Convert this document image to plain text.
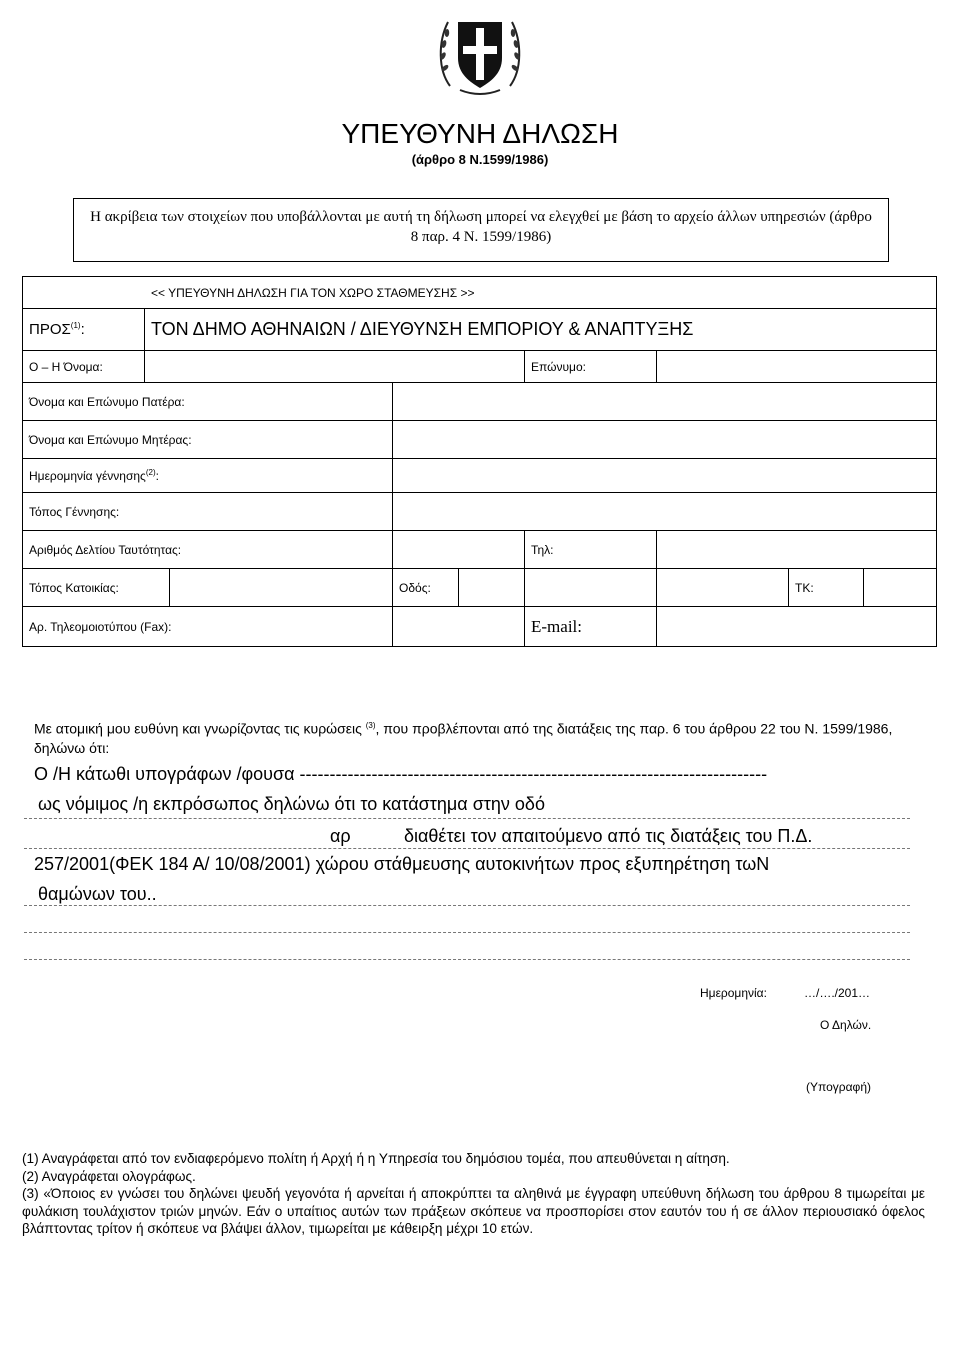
ΥΠΕΥΘΥΝΗ ΔΗΛΩΣΗ
(άρθρο 8 Ν.1599/1986)
Η ακρίβεια των στοιχείων που υποβάλλονται με αυτή τη δήλωση μπορεί να ελεγχθεί με βάση το αρχείο άλλων υπηρεσιών (άρθρο 8 παρ. 4 Ν. 1599/1986)
<< ΥΠΕΥΘΥΝΗ ΔΗΛΩΣΗ ΓΙΑ ΤΟΝ ΧΩΡΟ ΣΤΑΘΜΕΥΣΗΣ >>								
ΠΡΟΣ$^{(1)}$:	ΤΟΝ ΔΗΜΟ ΑΘΗΝΑΙΩΝ / ΔΙΕΥΘΥΝΣΗ ΕΜΠΟΡΙΟΥ & ΑΝΑΠΤΥΞΗΣ							
Ο – Η Όνομα:					Επώνυμο:			
Όνομα και Επώνυμο Πατέρα:								
Όνομα και Επώνυμο Μητέρας:								
Ημερομηνία γέννησης$^{(2)}$:								
Τόπος Γέννησης:								
Αριθμός Δελτίου Ταυτότητας:					Τηλ:			
Τόπος Κατοικίας:			Οδός:				ΤΚ:	
Αρ. Τηλεομοιοτύπου (Fax):					E-mail:			
Με ατομική μου ευθύνη και γνωρίζοντας τις κυρώσεις $^{(3)}$, που προβλέπονται από της διατάξεις της παρ. 6 του άρθρου 22 του Ν. 1599/1986, δηλώνω ότι:
Ο /Η κάτωθι υπογράφων /φουσα ------------------------------------------------------------------------------
ως νόμιμος /η εκπρόσωπος δηλώνω ότι το κατάστημα στην οδό
αρ	διαθέτει τον απαιτούμενο από τις διατάξεις του Π.Δ.
257/2001(ΦΕΚ 184 Α/ 10/08/2001) χώρου στάθμευσης αυτοκινήτων προς εξυπηρέτηση τωΝ
θαμώνων του..
Ημερομηνία:	…/…./201…
Ο Δηλών.
(Υπογραφή)

(1) Αναγράφεται από τον ενδιαφερόμενο πολίτη ή Αρχή ή η Υπηρεσία του δημόσιου τομέα, που απευθύνεται η αίτηση.

(2) Αναγράφεται ολογράφως.

(3) «Όποιος εν γνώσει του δηλώνει ψευδή γεγονότα ή αρνείται ή αποκρύπτει τα αληθινά με έγγραφη υπεύθυνη δήλωση του άρθρου 8 τιμωρείται με φυλάκιση τουλάχιστον τριών μηνών. Εάν ο υπαίτιος αυτών των πράξεων σκόπευε να προσπορίσει στον εαυτόν του ή σε άλλον περιουσιακό όφελος βλάπτοντας τρίτον ή σκόπευε να βλάψει άλλον, τιμωρείται με κάθειρξη μέχρι 10 ετών.
